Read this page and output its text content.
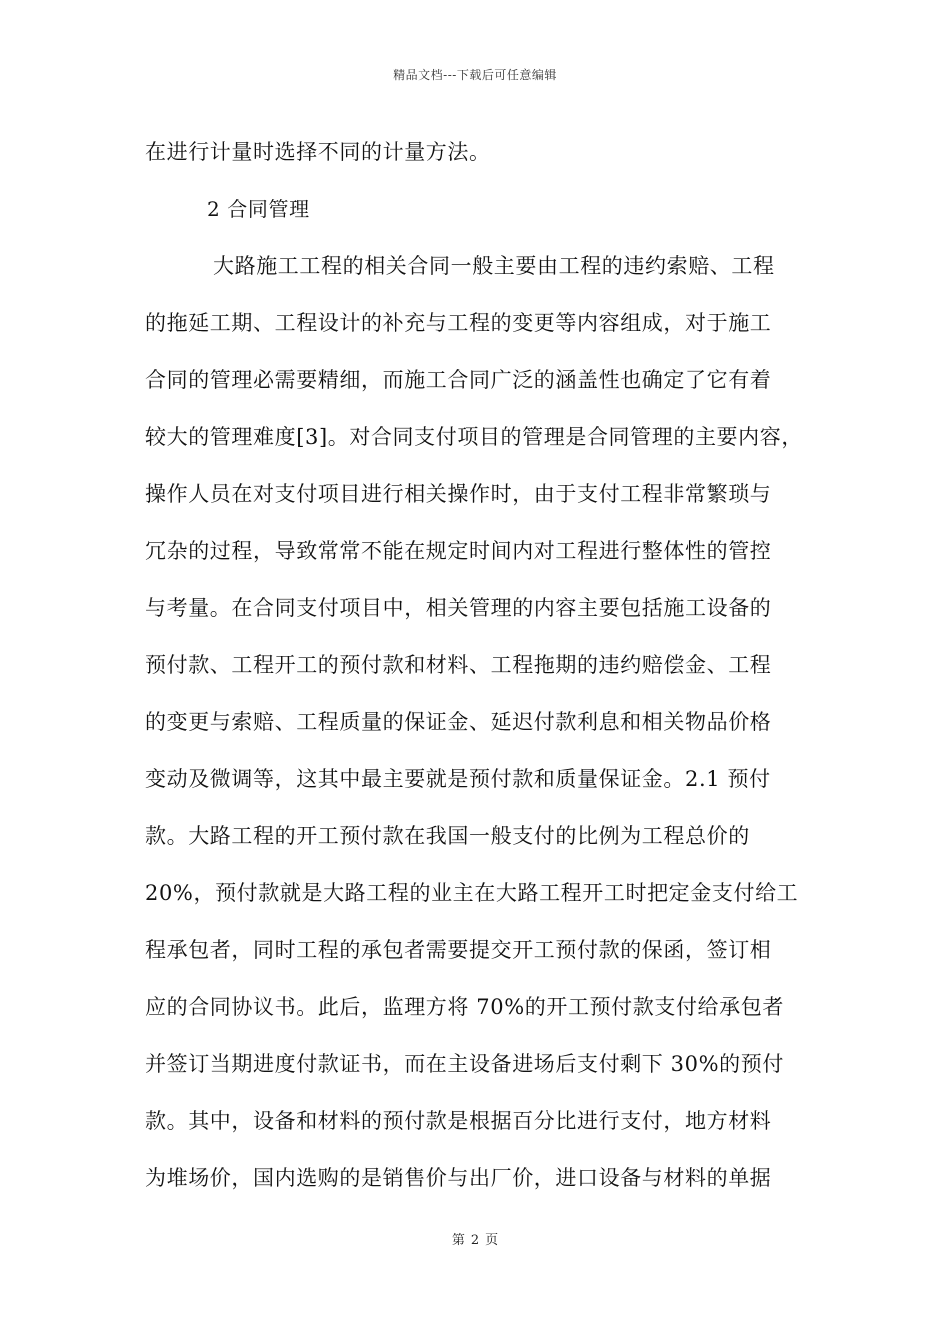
精品文档---下载后可任意编辑
在进行计量时选择不同的计量方法。
2 合同管理
大路施工工程的相关合同一般主要由工程的违约索赔、工程
的拖延工期、工程设计的补充与工程的变更等内容组成，对于施工
合同的管理必需要精细，而施工合同广泛的涵盖性也确定了它有着
较大的管理难度[3]。对合同支付项目的管理是合同管理的主要内容，
操作人员在对支付项目进行相关操作时，由于支付工程非常繁琐与
冗杂的过程，导致常常不能在规定时间内对工程进行整体性的管控
与考量。在合同支付项目中，相关管理的内容主要包括施工设备的
预付款、工程开工的预付款和材料、工程拖期的违约赔偿金、工程
的变更与索赔、工程质量的保证金、延迟付款利息和相关物品价格
变动及微调等，这其中最主要就是预付款和质量保证金。2.1 预付
款。大路工程的开工预付款在我国一般支付的比例为工程总价的
20%，预付款就是大路工程的业主在大路工程开工时把定金支付给工
程承包者，同时工程的承包者需要提交开工预付款的保函，签订相
应的合同协议书。此后，监理方将 70%的开工预付款支付给承包者
并签订当期进度付款证书，而在主设备进场后支付剩下 30%的预付
款。其中，设备和材料的预付款是根据百分比进行支付，地方材料
为堆场价，国内选购的是销售价与出厂价，进口设备与材料的单据
第 2 页
